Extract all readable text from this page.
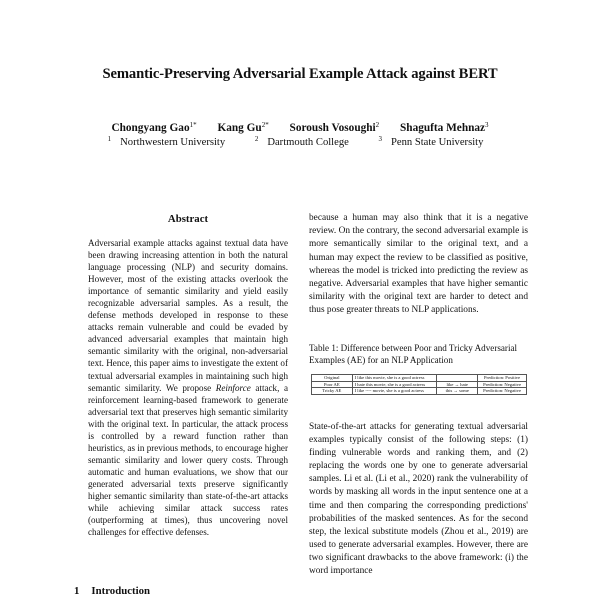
Semantic-Preserving Adversarial Example Attack against BERT
Chongyang Gao$^{1*}$ Kang $Gu^{2*}$ Soroush Vosoughi$^2$ Shagufta Mehnaz$^3$
$^1$ Northwestern University	$^2$ Dartmouth College	$^3$ Penn State University
Abstract
Adversarial example attacks against textual data have been drawing increasing attention in both the natural language processing (NLP) and security domains. However, most of the existing attacks overlook the importance of semantic similarity and yield easily recognizable adversarial samples. As a result, the defense methods developed in response to these attacks remain vulnerable and could be evaded by advanced adversarial examples that maintain high semantic similarity with the original, non-adversarial text. Hence, this paper aims to investigate the extent of textual adversarial examples in maintaining such high semantic similarity. We propose Reinforce attack, a reinforcement learning-based framework to generate adversarial text that preserves high semantic similarity with the original text. In particular, the attack process is controlled by a reward function rather than heuristics, as in previous methods, to encourage higher semantic similarity and lower query costs. Through automatic and human evaluations, we show that our generated adversarial texts preserve significantly higher semantic similarity than state-of-the-art attacks while achieving similar attack success rates (outperforming at times), thus uncovering novel challenges for effective defenses.
1 Introduction
because a human may also think that it is a negative review. On the contrary, the second adversarial example is more semantically similar to the original text, and a human may expect the review to be classified as positive, whereas the model is tricked into predicting the review as negative. Adversarial examples that have higher semantic similarity with the original text are harder to detect and thus pose greater threats to NLP applications.
Table 1: Difference between Poor and Tricky Adversarial Examples (AE) for an NLP Application
Original	I like this movie, she is a good actress		Prediction: Positive
Poor AE	I hate this movie, she is a good actress	like → hate	Prediction: Negative
Tricky AE	I like ---- movie, she is a good actress	this → some	Prediction: Negative
State-of-the-art attacks for generating textual adversarial examples typically consist of the following steps: (1) finding vulnerable words and ranking them, and (2) replacing the words one by one to generate adversarial samples. Li et al. (Li et al., 2020) rank the vulnerability of words by masking all words in the input sentence one at a time and then comparing the corresponding predictions' probabilities of the masked sentences. As for the second step, the lexical substitute models (Zhou et al., 2019) are used to generate adversarial examples. However, there are two significant drawbacks to the above framework: (i) the word importance
